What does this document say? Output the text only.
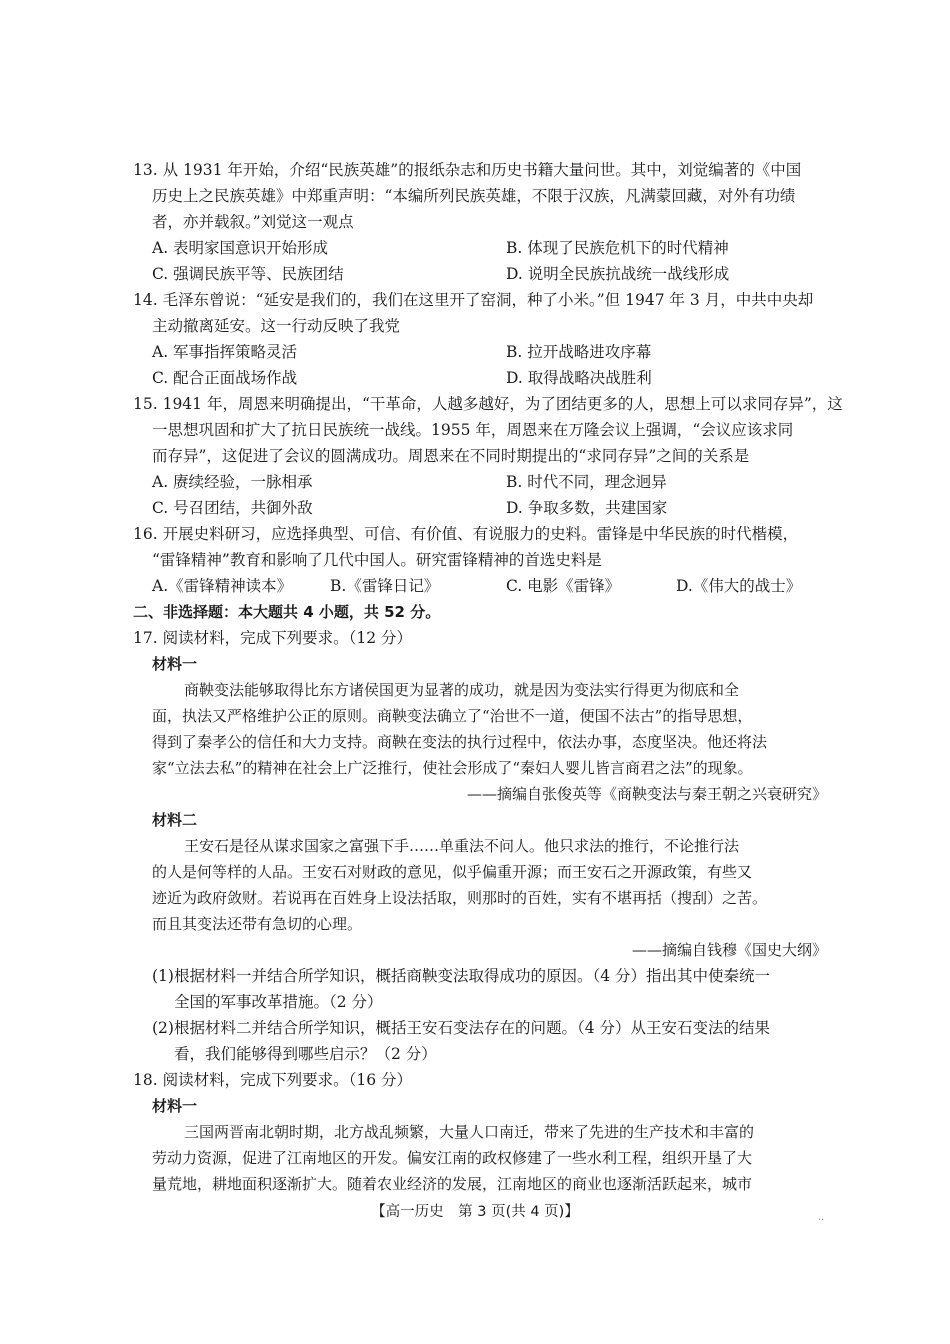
13. 从 1931 年开始，介绍“民族英雄”的报纸杂志和历史书籍大量问世。其中，刘觉编著的《中国
历史上之民族英雄》中郑重声明：“本编所列民族英雄，不限于汉族，凡满蒙回藏，对外有功绩
者，亦并载叙。”刘觉这一观点
A. 表明家国意识开始形成	B. 体现了民族危机下的时代精神
C. 强调民族平等、民族团结	D. 说明全民族抗战统一战线形成
14. 毛泽东曾说：“延安是我们的，我们在这里开了窑洞，种了小米。”但 1947 年 3 月，中共中央却
主动撤离延安。这一行动反映了我党
A. 军事指挥策略灵活	B. 拉开战略进攻序幕
C. 配合正面战场作战	D. 取得战略决战胜利
15. 1941 年，周恩来明确提出，“干革命，人越多越好，为了团结更多的人，思想上可以求同存异”，这
一思想巩固和扩大了抗日民族统一战线。1955 年，周恩来在万隆会议上强调，“会议应该求同
而存异”，这促进了会议的圆满成功。周恩来在不同时期提出的“求同存异”之间的关系是
A. 赓续经验，一脉相承	B. 时代不同，理念迥异
C. 号召团结，共御外敌	D. 争取多数，共建国家
16. 开展史料研习，应选择典型、可信、有价值、有说服力的史料。雷锋是中华民族的时代楷模，
“雷锋精神”教育和影响了几代中国人。研究雷锋精神的首选史料是
A.《雷锋精神读本》 B.《雷锋日记》	C. 电影《雷锋》	D.《伟大的战士》
二、非选择题：本大题共 4 小题，共 52 分。
17. 阅读材料，完成下列要求。（12 分）
材料一
商鞅变法能够取得比东方诸侯国更为显著的成功，就是因为变法实行得更为彻底和全
面，执法又严格维护公正的原则。商鞅变法确立了“治世不一道，便国不法古”的指导思想，
得到了秦孝公的信任和大力支持。商鞅在变法的执行过程中，依法办事，态度坚决。他还将法
家“立法去私”的精神在社会上广泛推行，使社会形成了“秦妇人婴儿皆言商君之法”的现象。
——摘编自张俊英等《商鞅变法与秦王朝之兴衰研究》
材料二
王安石是径从谋求国家之富强下手……单重法不问人。他只求法的推行，不论推行法
的人是何等样的人品。王安石对财政的意见，似乎偏重开源；而王安石之开源政策，有些又
迹近为政府敛财。若说再在百姓身上设法括取，则那时的百姓，实有不堪再括（搜刮）之苦。
而且其变法还带有急切的心理。
——摘编自钱穆《国史大纲》
(1)根据材料一并结合所学知识，概括商鞅变法取得成功的原因。（4 分）指出其中使秦统一
全国的军事改革措施。（2 分）
(2)根据材料二并结合所学知识，概括王安石变法存在的问题。（4 分）从王安石变法的结果
看，我们能够得到哪些启示？（2 分）
18. 阅读材料，完成下列要求。（16 分）
材料一
三国两晋南北朝时期，北方战乱频繁，大量人口南迁，带来了先进的生产技术和丰富的
劳动力资源，促进了江南地区的开发。偏安江南的政权修建了一些水利工程，组织开垦了大
量荒地，耕地面积逐渐扩大。随着农业经济的发展，江南地区的商业也逐渐活跃起来，城市
【高一历史　第 3 页(共 4 页)】	..
